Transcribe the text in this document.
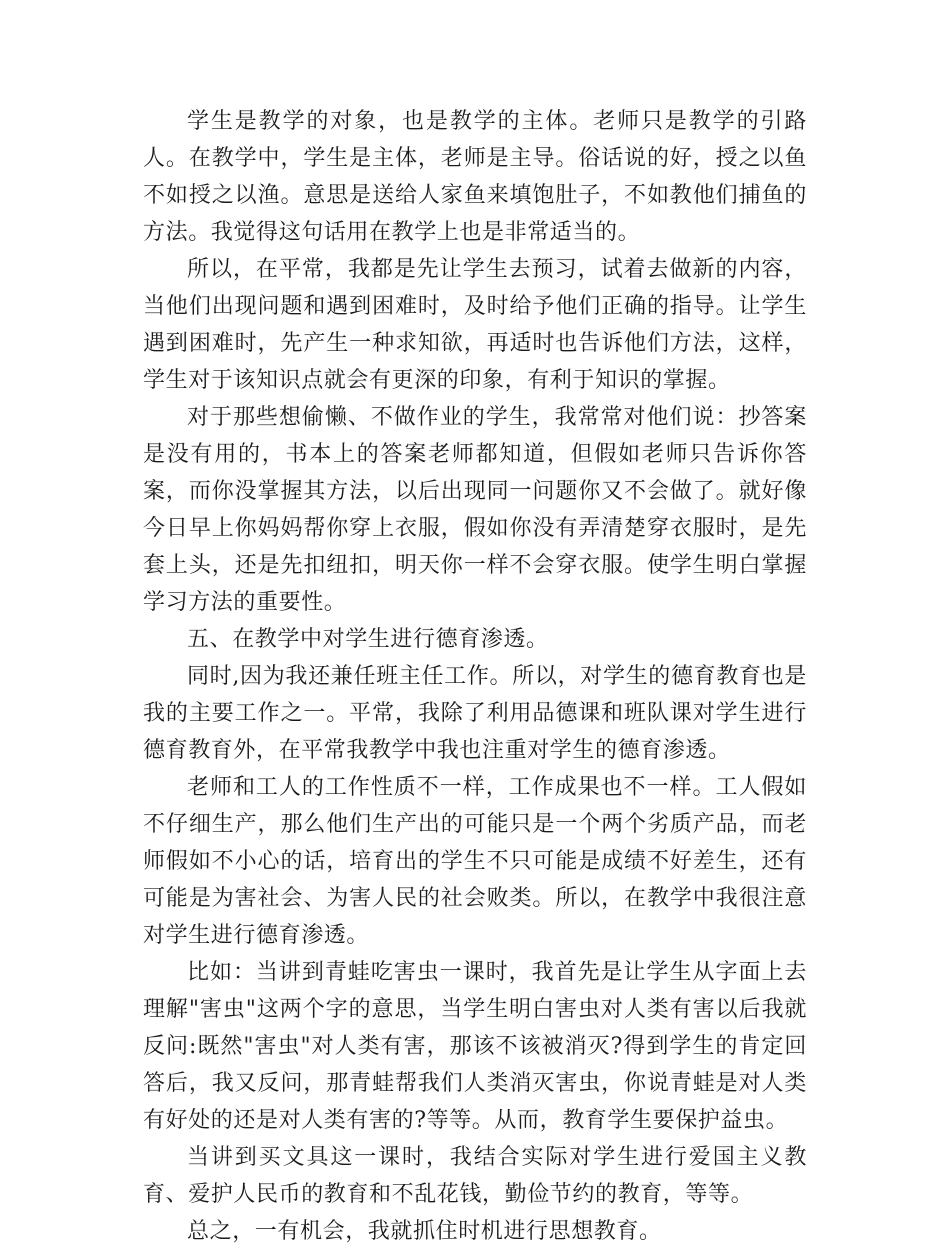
学生是教学的对象，也是教学的主体。老师只是教学的引路人。在教学中，学生是主体，老师是主导。俗话说的好，授之以鱼不如授之以渔。意思是送给人家鱼来填饱肚子，不如教他们捕鱼的方法。我觉得这句话用在教学上也是非常适当的。

所以，在平常，我都是先让学生去预习，试着去做新的内容，当他们出现问题和遇到困难时，及时给予他们正确的指导。让学生遇到困难时，先产生一种求知欲，再适时也告诉他们方法，这样，学生对于该知识点就会有更深的印象，有利于知识的掌握。

对于那些想偷懒、不做作业的学生，我常常对他们说：抄答案是没有用的，书本上的答案老师都知道，但假如老师只告诉你答案，而你没掌握其方法，以后出现同一问题你又不会做了。就好像今日早上你妈妈帮你穿上衣服，假如你没有弄清楚穿衣服时，是先套上头，还是先扣纽扣，明天你一样不会穿衣服。使学生明白掌握学习方法的重要性。

五、在教学中对学生进行德育渗透。

同时,因为我还兼任班主任工作。所以，对学生的德育教育也是我的主要工作之一。平常，我除了利用品德课和班队课对学生进行德育教育外，在平常我教学中我也注重对学生的德育渗透。

老师和工人的工作性质不一样，工作成果也不一样。工人假如不仔细生产，那么他们生产出的可能只是一个两个劣质产品，而老师假如不小心的话，培育出的学生不只可能是成绩不好差生，还有可能是为害社会、为害人民的社会败类。所以，在教学中我很注意对学生进行德育渗透。

比如：当讲到青蛙吃害虫一课时，我首先是让学生从字面上去理解"害虫"这两个字的意思，当学生明白害虫对人类有害以后我就反问:既然"害虫"对人类有害，那该不该被消灭?得到学生的肯定回答后，我又反问，那青蛙帮我们人类消灭害虫，你说青蛙是对人类有好处的还是对人类有害的?等等。从而，教育学生要保护益虫。

当讲到买文具这一课时，我结合实际对学生进行爱国主义教育、爱护人民币的教育和不乱花钱，勤俭节约的教育，等等。

总之，一有机会，我就抓住时机进行思想教育。
